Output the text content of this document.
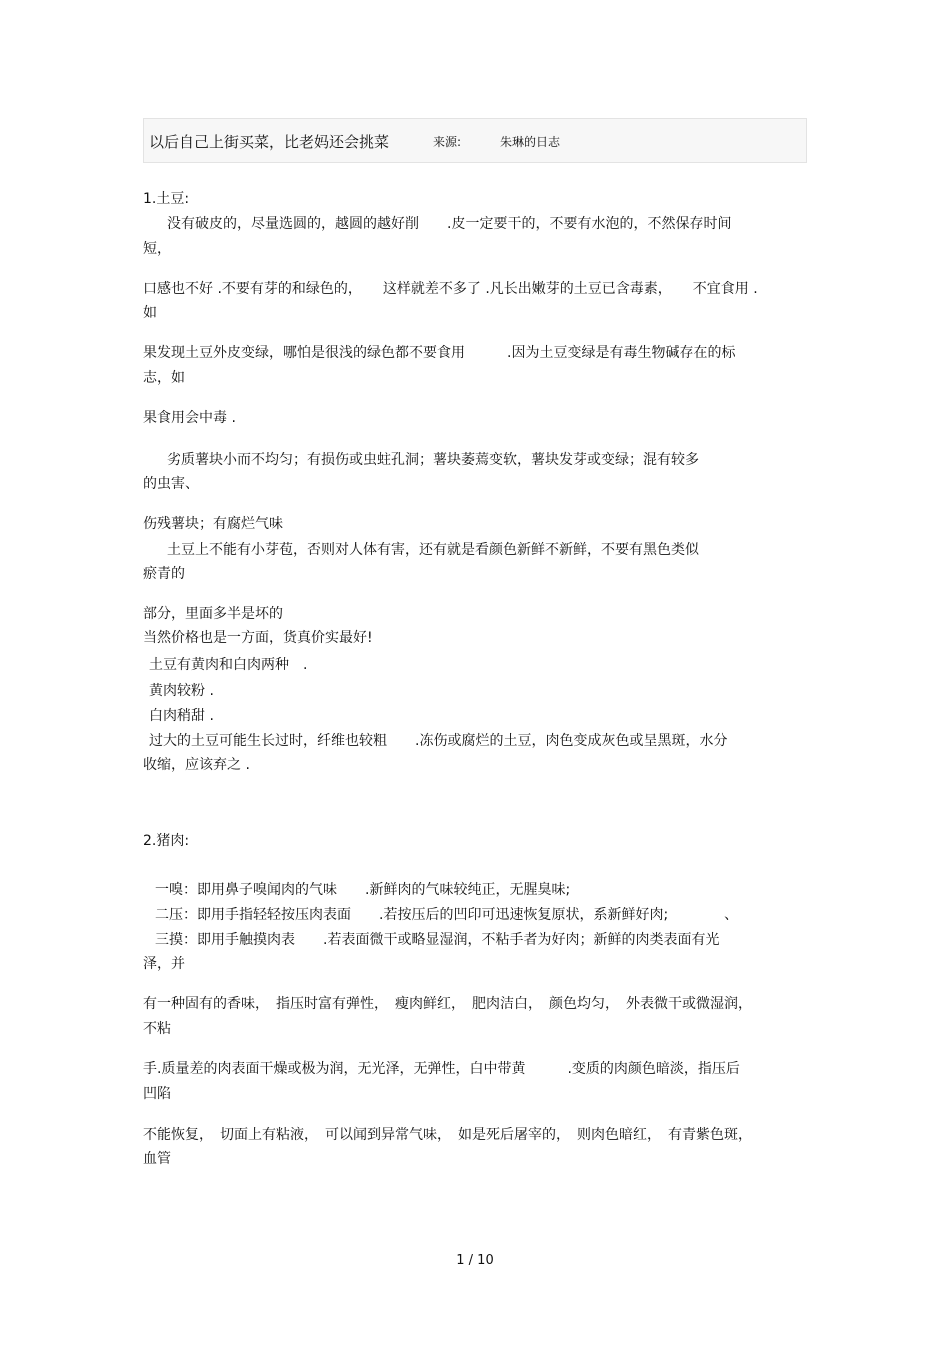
以后自己上街买菜，比老妈还会挑菜	来源:	朱琳的日志
1.土豆:
没有破皮的，尽量选圆的，越圆的越好削　　.皮一定要干的，不要有水泡的，不然保存时间
短，
口感也不好 .不要有芽的和绿色的，　　这样就差不多了 .凡长出嫩芽的土豆已含毒素，　　不宜食用 .
如
果发现土豆外皮变绿，哪怕是很浅的绿色都不要食用　　　.因为土豆变绿是有毒生物碱存在的标
志，如
果食用会中毒 .
劣质薯块小而不均匀；有损伤或虫蛀孔洞；薯块萎蔫变软，薯块发芽或变绿；混有较多
的虫害、
伤残薯块；有腐烂气味
土豆上不能有小芽苞，否则对人体有害，还有就是看颜色新鲜不新鲜，不要有黑色类似
瘀青的
部分，里面多半是坏的
当然价格也是一方面，货真价实最好!
土豆有黄肉和白肉两种　.
黄肉较粉 .
白肉稍甜 .
过大的土豆可能生长过时，纤维也较粗　　.冻伤或腐烂的土豆，肉色变成灰色或呈黑斑，水分
收缩，应该弃之 .
2.猪肉:
一嗅：即用鼻子嗅闻肉的气味　　.新鲜肉的气味较纯正，无腥臭味;
二压：即用手指轻轻按压肉表面　　.若按压后的凹印可迅速恢复原状，系新鲜好肉;　　　　、
三摸：即用手触摸肉表　　.若表面微干或略显湿润，不粘手者为好肉；新鲜的肉类表面有光
泽，并
有一种固有的香味，　指压时富有弹性，　瘦肉鲜红，　肥肉洁白，　颜色均匀，　外表微干或微湿润，
不粘
手.质量差的肉表面干燥或极为润，无光泽，无弹性，白中带黄　　　.变质的肉颜色暗淡，指压后
凹陷
不能恢复，　切面上有粘液，　可以闻到异常气味，　如是死后屠宰的，　则肉色暗红，　有青紫色斑，
血管
1 / 10
